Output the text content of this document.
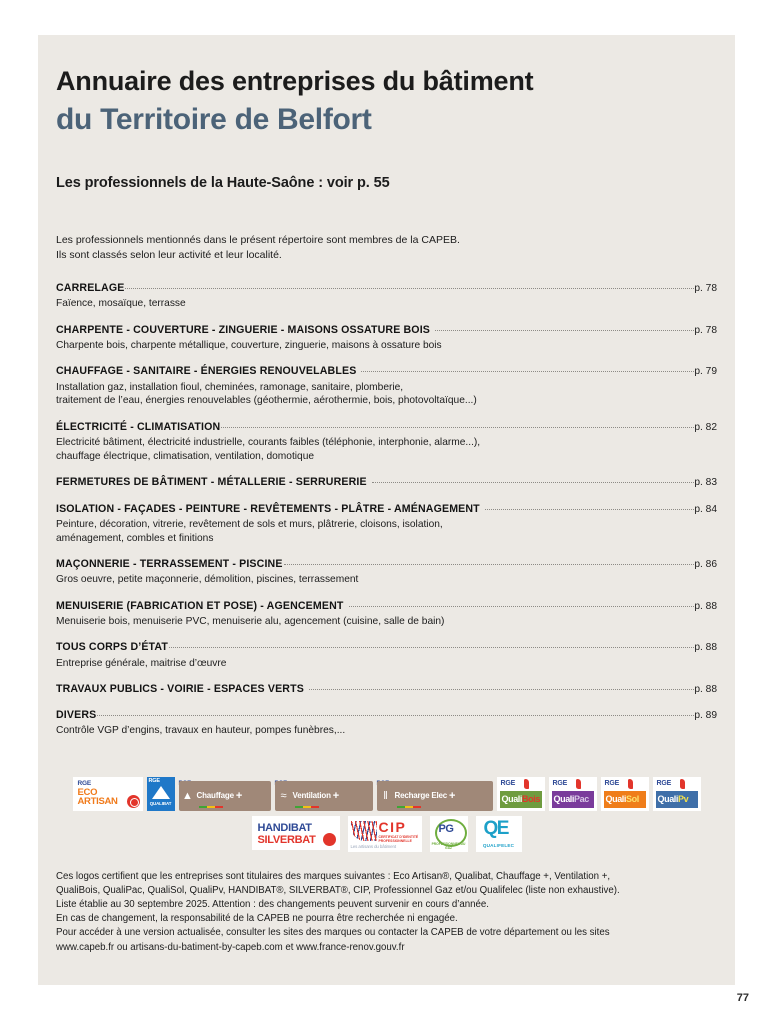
Annuaire des entreprises du bâtiment
du Territoire de Belfort

Les professionnels de la Haute-Saône : voir p. 55

Les professionnels mentionnés dans le présent répertoire sont membres de la CAPEB.
Ils sont classés selon leur activité et leur localité.
CARRELAGE	p. 78
Faïence, mosaïque, terrasse
CHARPENTE - COUVERTURE - ZINGUERIE - MAISONS OSSATURE BOIS	p. 78
Charpente bois, charpente métallique, couverture, zinguerie, maisons à ossature bois
CHAUFFAGE - SANITAIRE - ÉNERGIES RENOUVELABLES	p. 79
Installation gaz, installation fioul, cheminées, ramonage, sanitaire, plomberie,
traitement de l’eau, énergies renouvelables (géothermie, aérothermie, bois, photovoltaïque...)
ÉLECTRICITÉ - CLIMATISATION	p. 82
Electricité bâtiment, électricité industrielle, courants faibles (téléphonie, interphonie, alarme...),
chauffage électrique, climatisation, ventilation, domotique
FERMETURES DE BÂTIMENT - MÉTALLERIE - SERRURERIE	p. 83
ISOLATION - FAÇADES - PEINTURE - REVÊTEMENTS - PLÂTRE - AMÉNAGEMENT	p. 84
Peinture, décoration, vitrerie, revêtement de sols et murs, plâtrerie, cloisons, isolation,
aménagement, combles et finitions
MAÇONNERIE - TERRASSEMENT - PISCINE	p. 86
Gros oeuvre, petite maçonnerie, démolition, piscines, terrassement
MENUISERIE (FABRICATION ET POSE) - AGENCEMENT	p. 88
Menuiserie bois, menuiserie PVC, menuiserie alu, agencement (cuisine, salle de bain)
TOUS CORPS D’ÉTAT	p. 88
Entreprise générale, maitrise d’œuvre
TRAVAUX PUBLICS - VOIRIE - ESPACES VERTS	p. 88
DIVERS	p. 89
Contrôle VGP d’engins, travaux en hauteur, pompes funèbres,...
RGE
ECO
ARTISAN
RGE
QUALIBAT
▲ Chauffage +	≈ Ventilation +	‖ Recharge Elec +
RGE
Quali Bois
RGE
Quali Pac
RGE
Quali Sol
RGE
Quali Pv
HANDIBAT
SILVERBAT
CIP
CERTIFICAT D’IDENTITÉ PROFESSIONNELLE
Les artisans du bâtiment
PG
PROFESSIONNEL DU GAZ
QE
QUALIFELEC
Ces logos certifient que les entreprises sont titulaires des marques suivantes : Eco Artisan®, Qualibat, Chauffage +, Ventilation +,
QualiBois, QualiPac, QualiSol, QualiPv, HANDIBAT®, SILVERBAT®, CIP, Professionnel Gaz et/ou Qualifelec (liste non exhaustive).
Liste établie au 30 septembre 2025. Attention : des changements peuvent survenir en cours d’année.
En cas de changement, la responsabilité de la CAPEB ne pourra être recherchée ni engagée.
Pour accéder à une version actualisée, consulter les sites des marques ou contacter la CAPEB de votre département ou les sites
www.capeb.fr ou artisans-du-batiment-by-capeb.com et www.france-renov.gouv.fr
77
